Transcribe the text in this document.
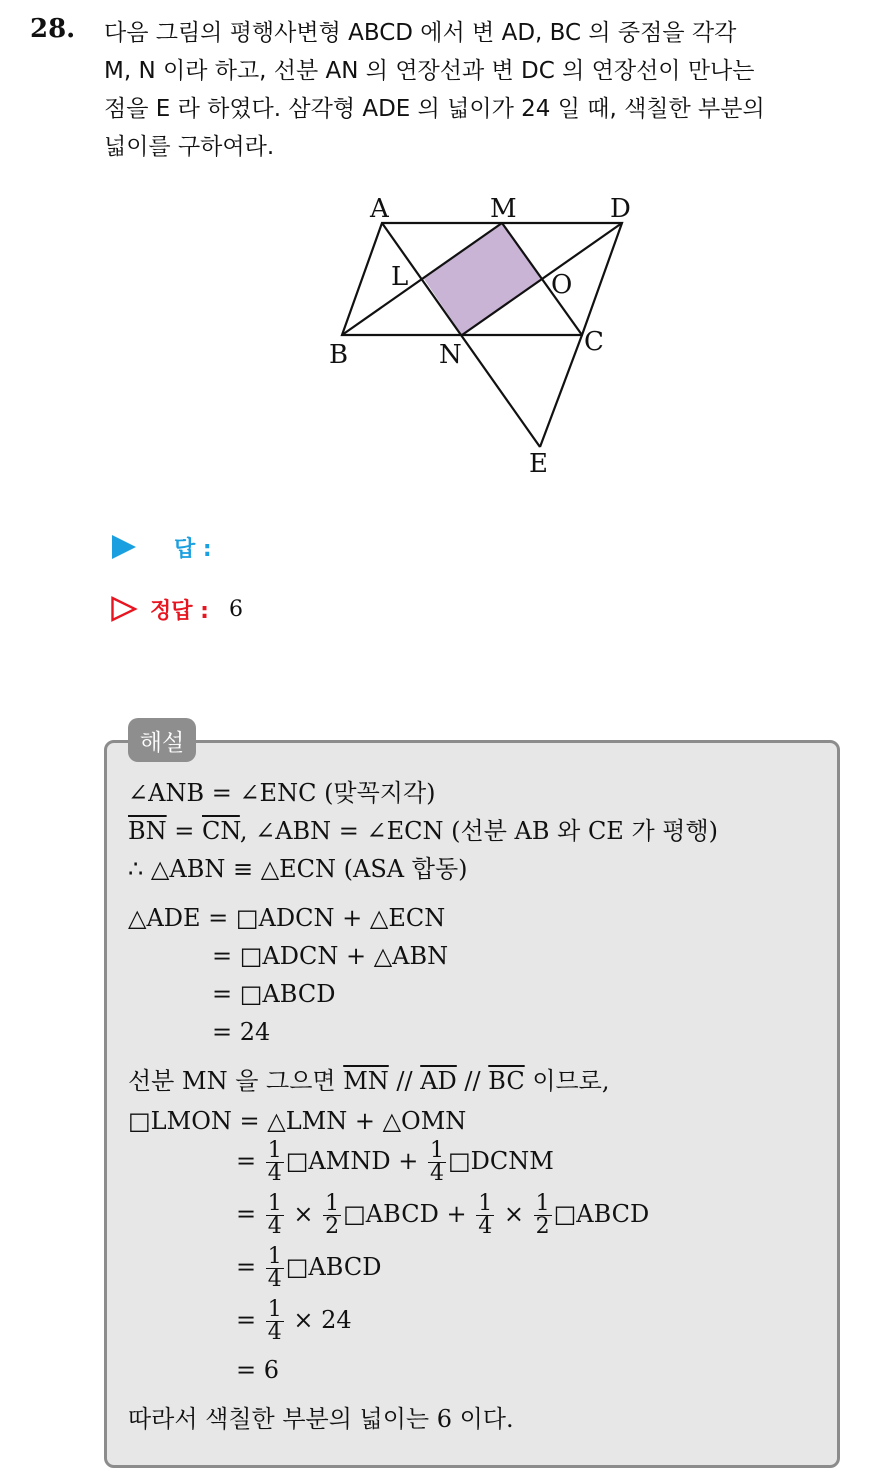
28. 다음 그림의 평행사변형 ABCD 에서 변 AD, BC 의 중점을 각각
M, N 이라 하고, 선분 AN 의 연장선과 변 DC 의 연장선이 만나는
점을 E 라 하였다. 삼각형 ADE 의 넓이가 24 일 때, 색칠한 부분의
넓이를 구하여라.
A	M	D
L	O
B	N	C
E
답 :
정답 : 6
해설
∠ANB = ∠ENC (맞꼭지각)
$\overline{BN} = \overline{CN}$, ∠ABN = ∠ECN (선분 AB 와 CE 가 평행)
∴ △ABN ≡ △ECN (ASA 합동)
△ADE = □ADCN + △ECN
= □ADCN + △ABN
= □ABCD
= 24
선분 MN 을 그으면 $\overline{MN} // \overline{AD} // \overline{BC}$ 이므로,
□LMON = △LMN + △OMN
= $\frac{1}{4}$ □AMND + $\frac{1}{4}$ □DCNM
= $\frac{1}{4} \times \frac{1}{2}$ □ABCD + $\frac{1}{4} \times \frac{1}{2}$ □ABCD
= $\frac{1}{4}$ □ABCD
= $\frac{1}{4} \times 24$
= 6
따라서 색칠한 부분의 넓이는 6 이다.
